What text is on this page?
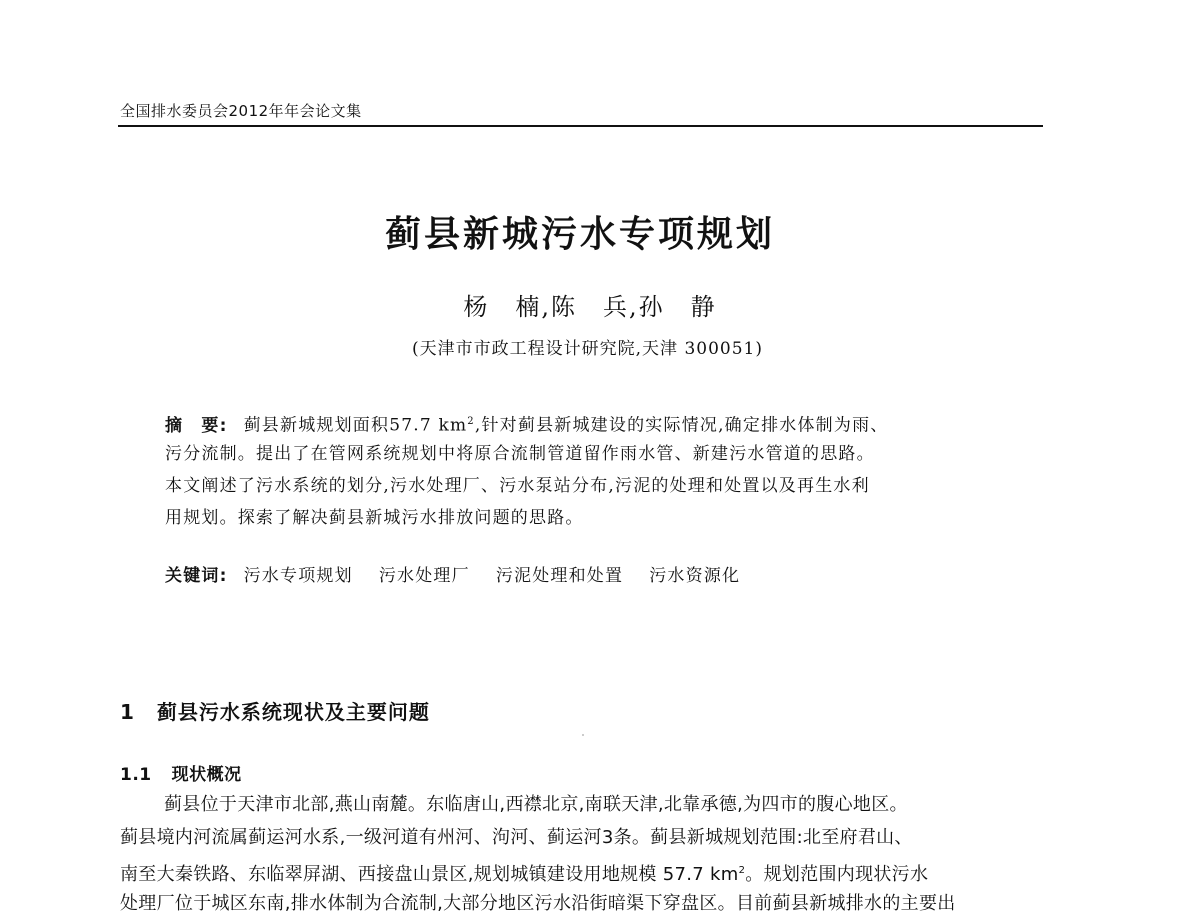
全国排水委员会2012年年会论文集
蓟县新城污水专项规划
杨　楠,陈　兵,孙　静
(天津市市政工程设计研究院,天津 300051)
摘　要: 蓟县新城规划面积57.7 $km^2$,针对蓟县新城建设的实际情况,确定排水体制为雨、
污分流制。提出了在管网系统规划中将原合流制管道留作雨水管、新建污水管道的思路。
本文阐述了污水系统的划分,污水处理厂、污水泵站分布,污泥的处理和处置以及再生水利
用规划。探索了解决蓟县新城污水排放问题的思路。
关键词: 污水专项规划 污水处理厂 污泥处理和处置 污水资源化
1 蓟县污水系统现状及主要问题
1.1 现状概况
蓟县位于天津市北部,燕山南麓。东临唐山,西襟北京,南联天津,北靠承德,为四市的腹心地区。
蓟县境内河流属蓟运河水系,一级河道有州河、泃河、蓟运河3条。蓟县新城规划范围:北至府君山、
南至大秦铁路、东临翠屏湖、西接盘山景区,规划城镇建设用地规模 57.7 $km^2$。规划范围内现状污水
处理厂位于城区东南,排水体制为合流制,大部分地区污水沿街暗渠下穿盘区。目前蓟县新城排水的主要出
